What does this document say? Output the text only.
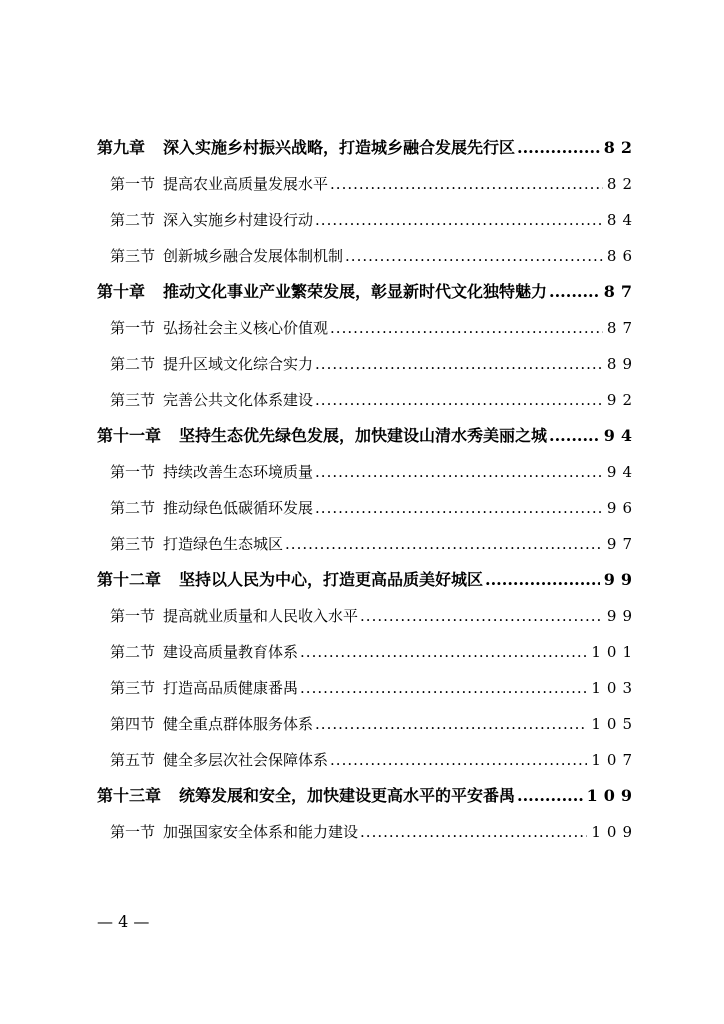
第九章 深入实施乡村振兴战略，打造城乡融合发展先行区 .....	82
第一节 提高农业高质量发展水平 .....	82
第二节 深入实施乡村建设行动 .....	84
第三节 创新城乡融合发展体制机制 .....	86
第十章 推动文化事业产业繁荣发展，彰显新时代文化独特魅力 .....	87
第一节 弘扬社会主义核心价值观 .....	87
第二节 提升区域文化综合实力 .....	89
第三节 完善公共文化体系建设 .....	92
第十一章 坚持生态优先绿色发展，加快建设山清水秀美丽之城 .....	94
第一节 持续改善生态环境质量 .....	94
第二节 推动绿色低碳循环发展 .....	96
第三节 打造绿色生态城区 .....	97
第十二章 坚持以人民为中心，打造更高品质美好城区 .....	99
第一节 提高就业质量和人民收入水平 .....	99
第二节 建设高质量教育体系 .....	101
第三节 打造高品质健康番禺 .....	103
第四节 健全重点群体服务体系 .....	105
第五节 健全多层次社会保障体系 .....	107
第十三章 统筹发展和安全，加快建设更高水平的平安番禺 .....	109
第一节 加强国家安全体系和能力建设 .....	109
— 4 —
